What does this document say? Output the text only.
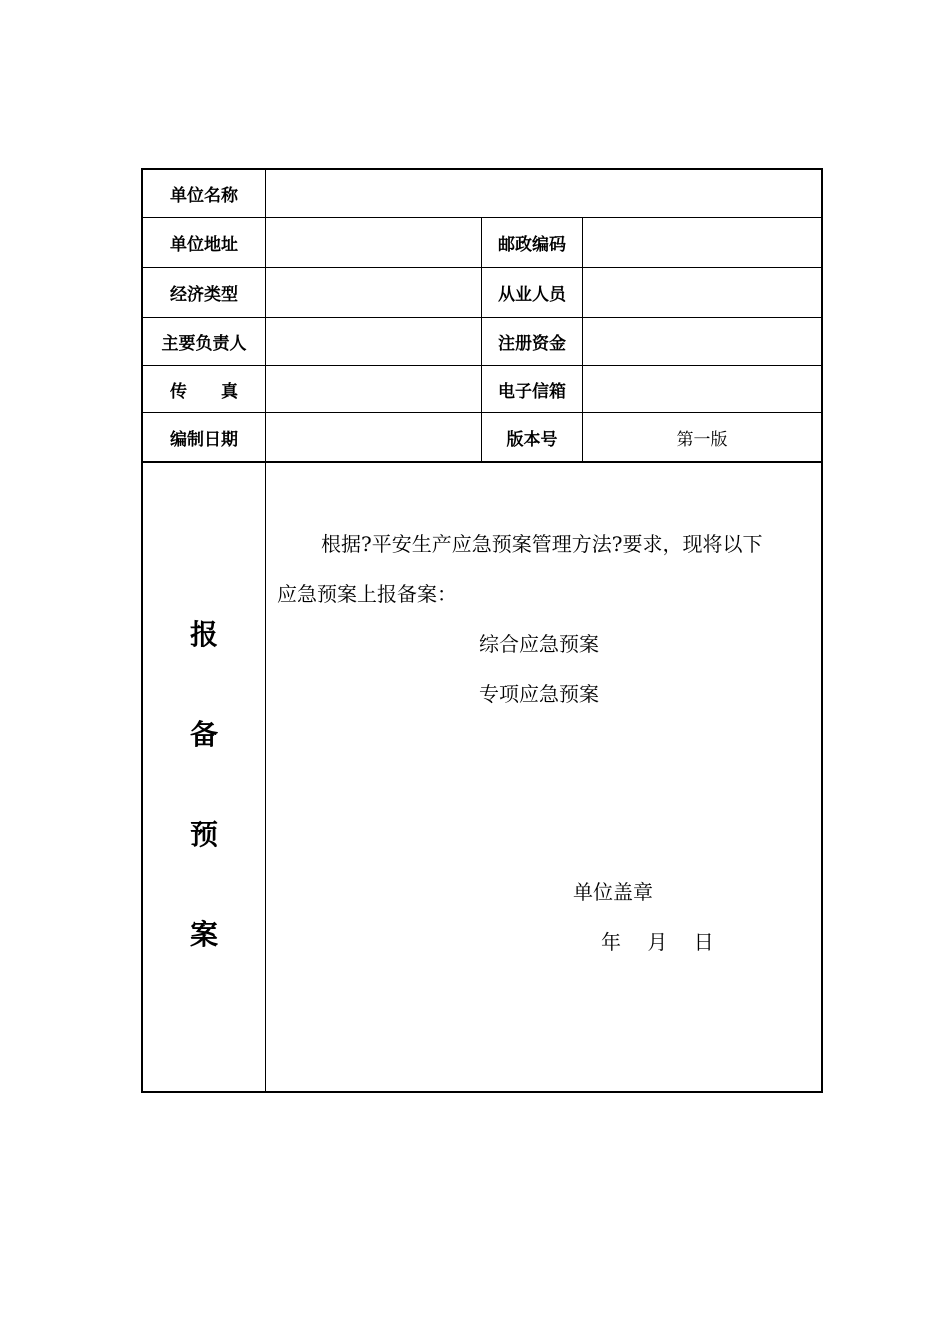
单位名称
单位地址	邮政编码
经济类型	从业人员
主要负责人	注册资金
传　　真	电子信箱
编制日期	版本号	第一版
报
备
预
案
根据?平安生产应急预案管理方法?要求，现将以下
应急预案上报备案：
综合应急预案
专项应急预案
单位盖章
年　 月　 日
